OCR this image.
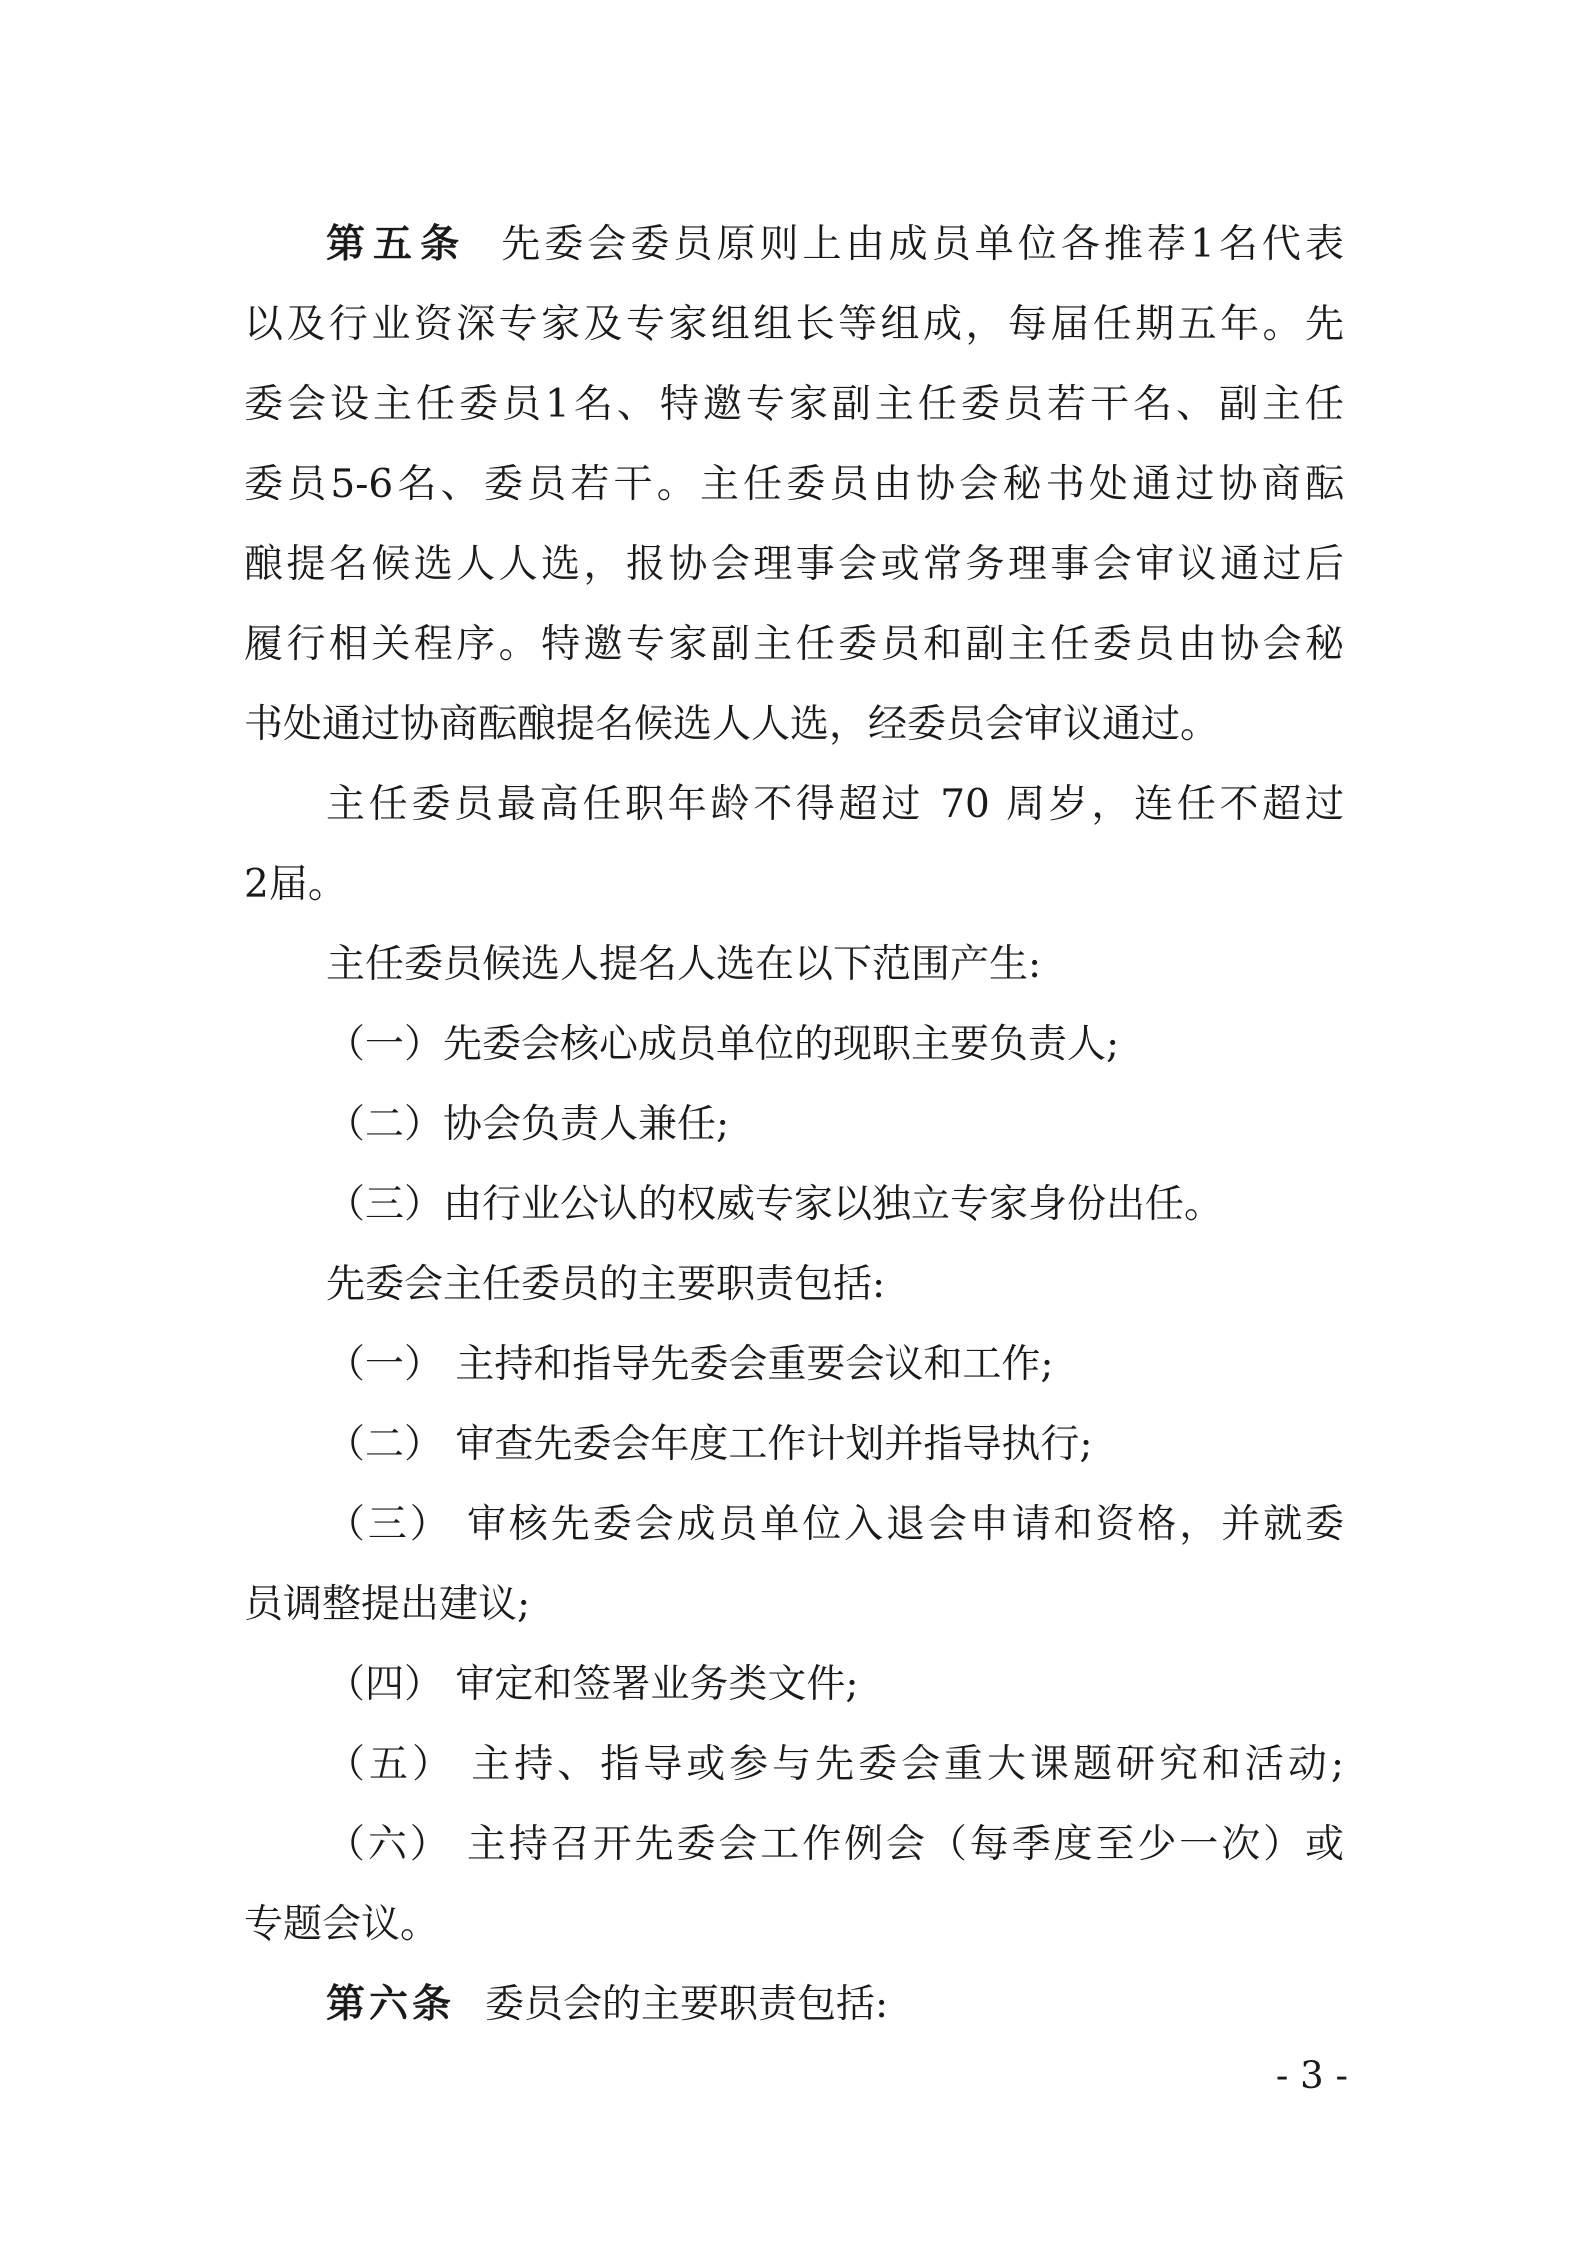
第五条 先委会委员原则上由成员单位各推荐1名代表
以及行业资深专家及专家组组长等组成，每届任期五年。先
委会设主任委员1名、特邀专家副主任委员若干名、副主任
委员5-6名、委员若干。主任委员由协会秘书处通过协商酝
酿提名候选人人选，报协会理事会或常务理事会审议通过后
履行相关程序。特邀专家副主任委员和副主任委员由协会秘
书处通过协商酝酿提名候选人人选，经委员会审议通过。
主任委员最高任职年龄不得超过 70 周岁，连任不超过
2届。
主任委员候选人提名人选在以下范围产生:
（一）先委会核心成员单位的现职主要负责人;
（二）协会负责人兼任;
（三）由行业公认的权威专家以独立专家身份出任。
先委会主任委员的主要职责包括:
（一） 主持和指导先委会重要会议和工作;
（二） 审查先委会年度工作计划并指导执行;
（三） 审核先委会成员单位入退会申请和资格，并就委
员调整提出建议;
（四） 审定和签署业务类文件;
（五） 主持、指导或参与先委会重大课题研究和活动;
（六） 主持召开先委会工作例会（每季度至少一次）或
专题会议。
第六条 委员会的主要职责包括:
- 3 -
